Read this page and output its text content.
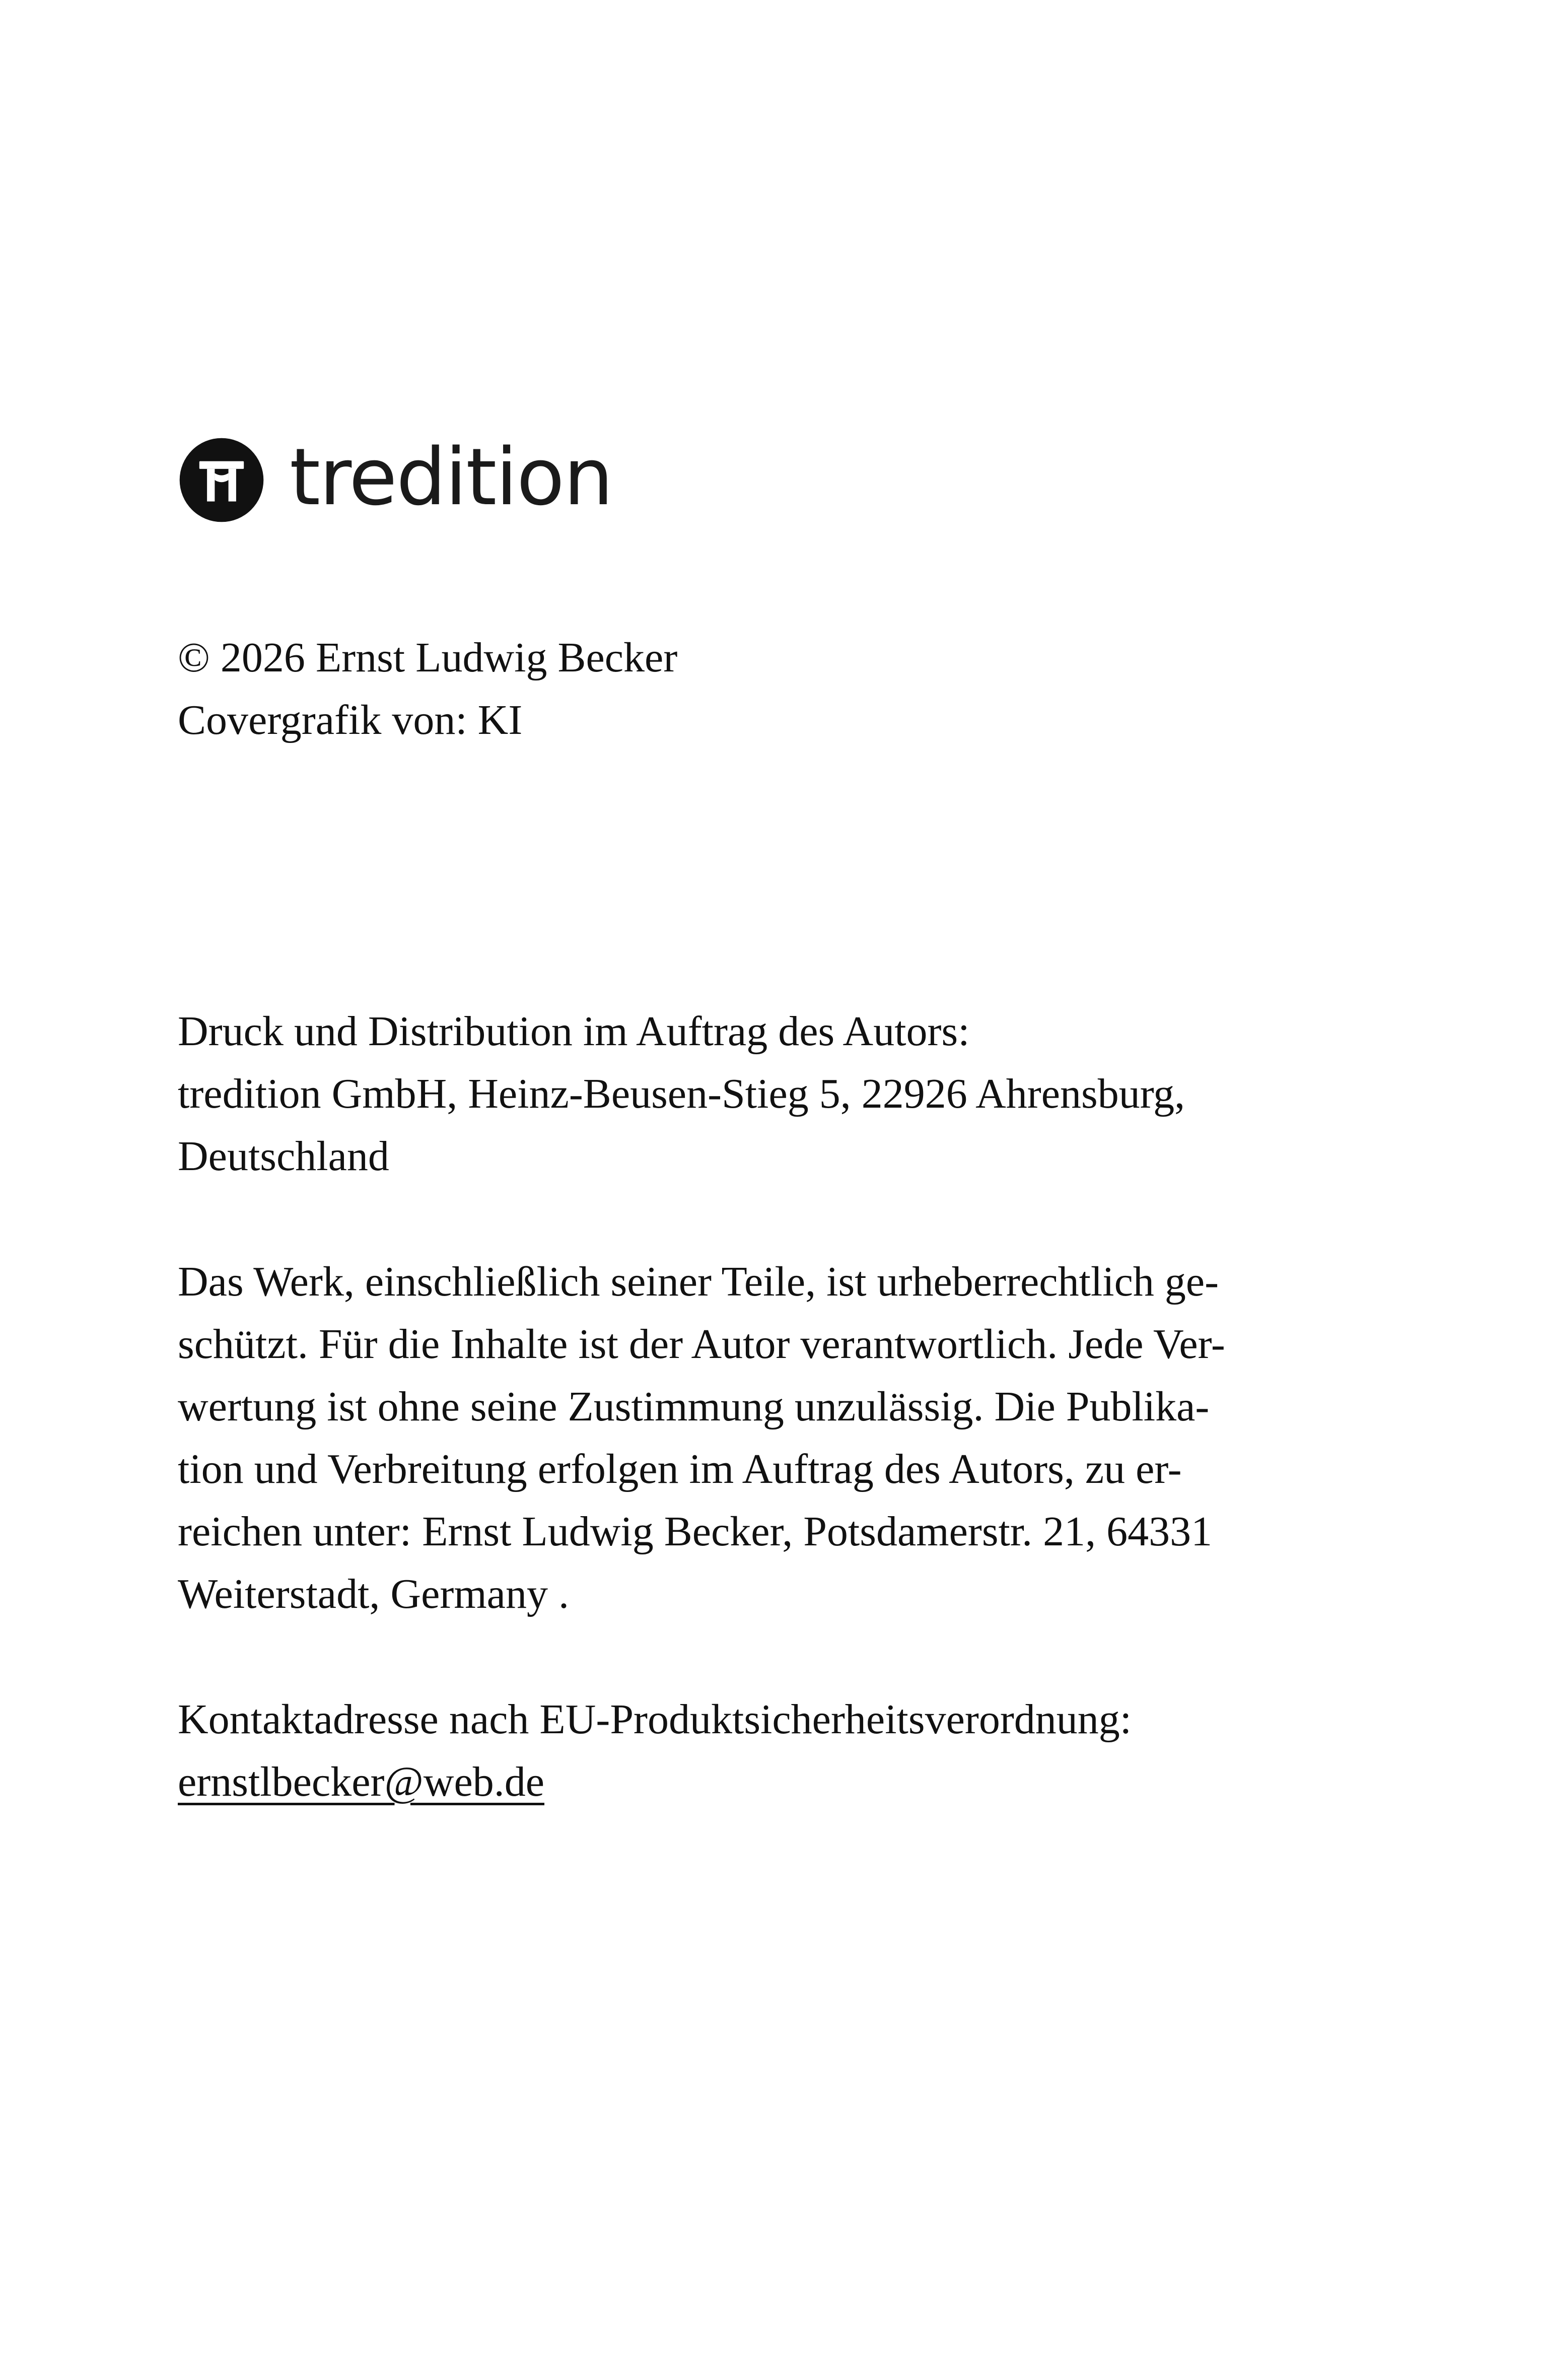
tredition
© 2026 Ernst Ludwig Becker
Covergrafik von: KI
Druck und Distribution im Auftrag des Autors:
tredition GmbH, Heinz-Beusen-Stieg 5, 22926 Ahrensburg,
Deutschland
Das Werk, einschließlich seiner Teile, ist urheberrechtlich ge-
schützt. Für die Inhalte ist der Autor verantwortlich. Jede Ver-
wertung ist ohne seine Zustimmung unzulässig. Die Publika-
tion und Verbreitung erfolgen im Auftrag des Autors, zu er-
reichen unter: Ernst Ludwig Becker, Potsdamerstr. 21, 64331
Weiterstadt, Germany .
Kontaktadresse nach EU-Produktsicherheitsverordnung:
ernstlbecker@web.de
